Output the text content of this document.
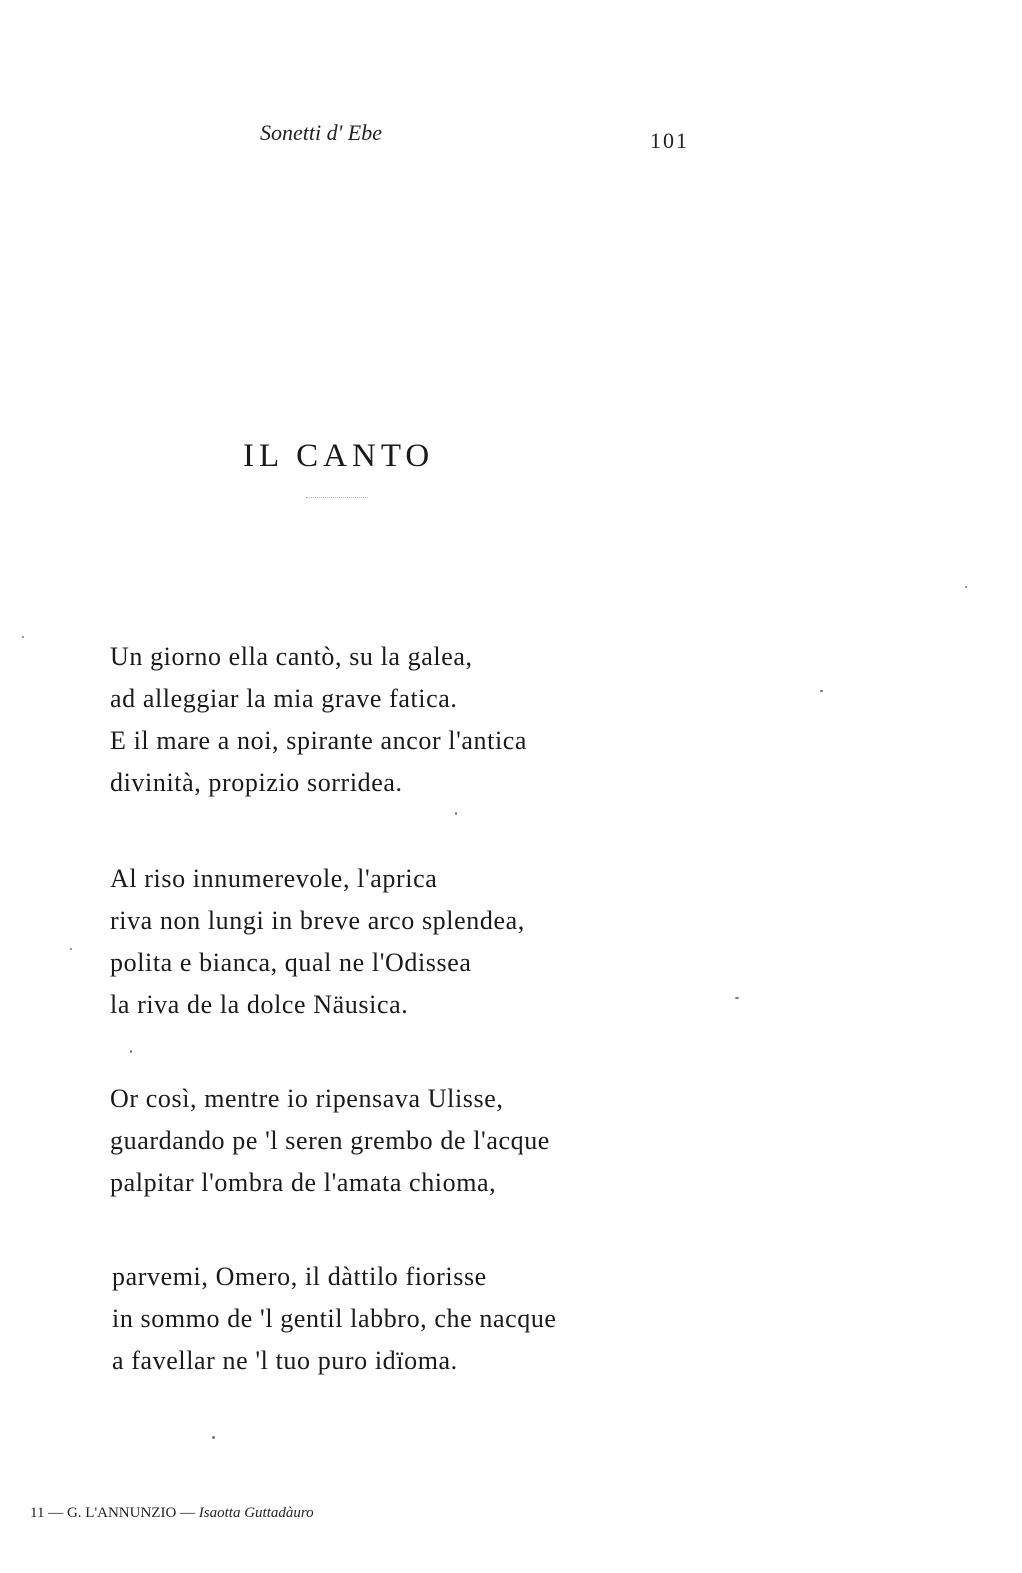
Sonetti d' Ebe	101
IL CANTO
Un giorno ella cantò, su la galea,
ad alleggiar la mia grave fatica.
E il mare a noi, spirante ancor l'antica
divinità, propizio sorridea.
Al riso innumerevole, l'aprica
riva non lungi in breve arco splendea,
polita e bianca, qual ne l'Odissea
la riva de la dolce Näusica.
Or così, mentre io ripensava Ulisse,
guardando pe 'l seren grembo de l'acque
palpitar l'ombra de l'amata chioma,
parvemi, Omero, il dàttilo fiorisse
in sommo de 'l gentil labbro, che nacque
a favellar ne 'l tuo puro idïoma.
11 — G. L'ANNUNZIO — Isaotta Guttadàuro
